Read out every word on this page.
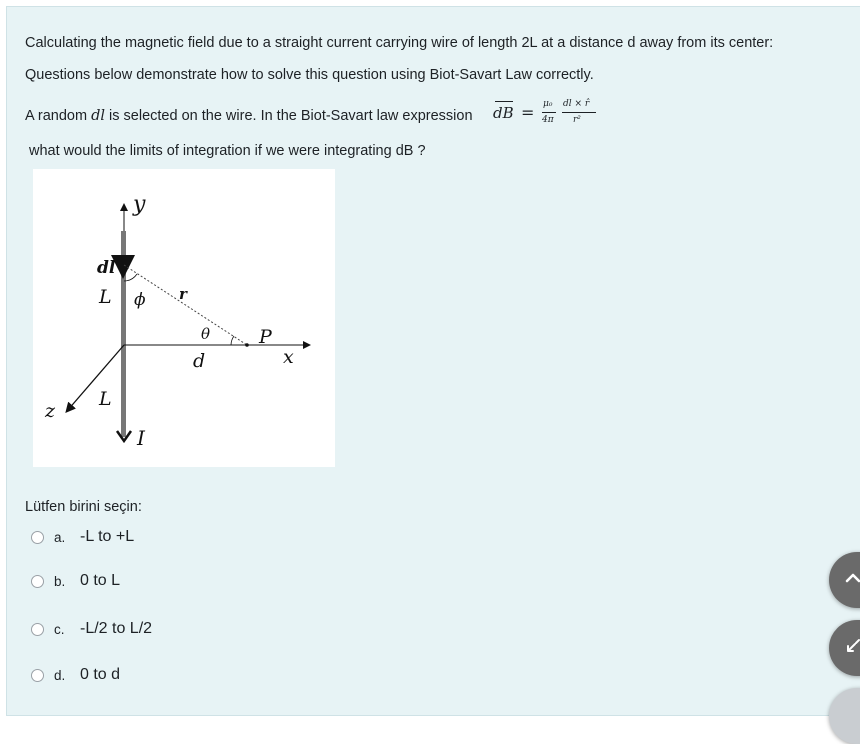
Calculating the magnetic field due to a straight current carrying wire of length 2L at a distance d away from its center:
Questions below demonstrate how to solve this question using Biot-Savart Law correctly.
A random dl is selected on the wire. In the Biot-Savart law expression dB = μ₀
4π
dl × r̂
r²
what would the limits of integration if we were integrating dB ?
y
dl
L ϕ r
θ	P
d	x
L
z
I
Lütfen birini seçin:
a. -L to +L
b. 0 to L
c. -L/2 to L/2
d. 0 to d
